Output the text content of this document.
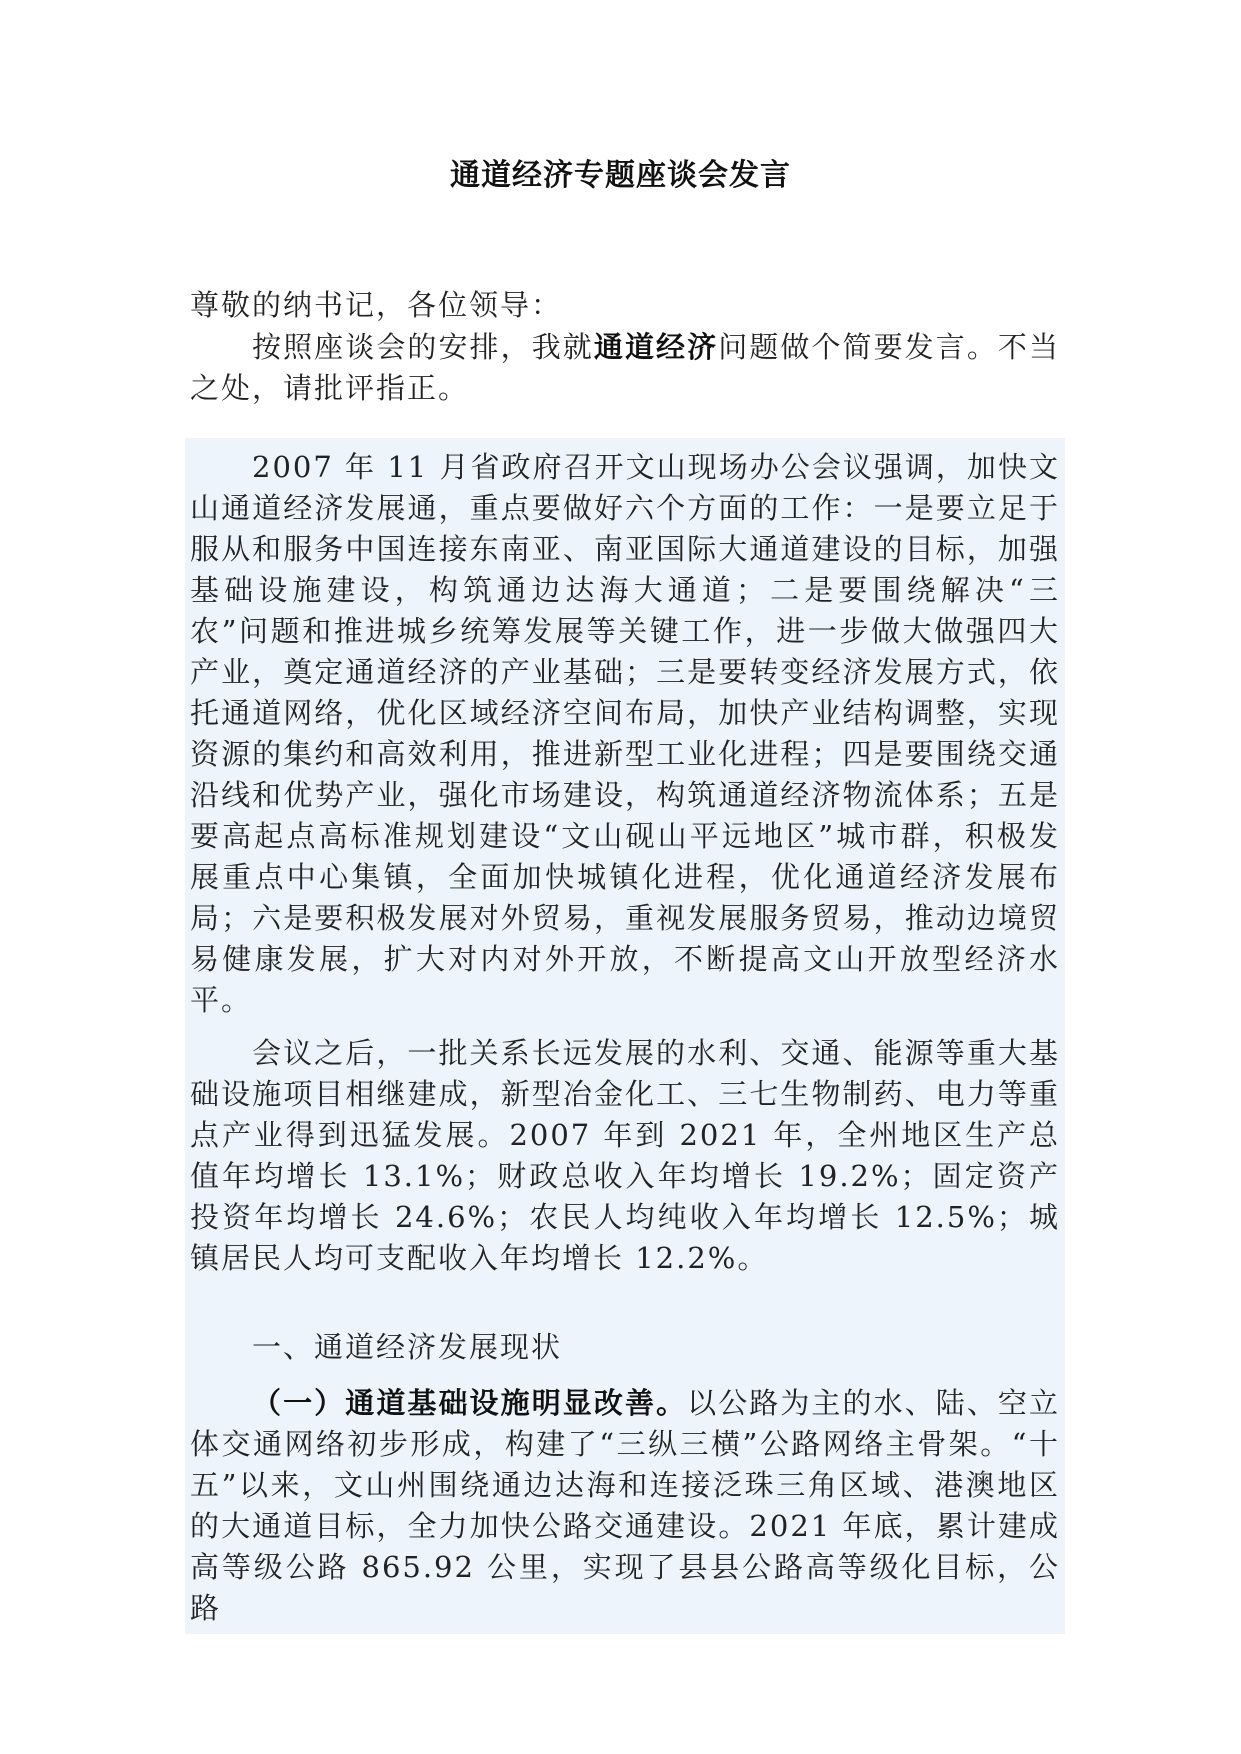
通道经济专题座谈会发言
尊敬的纳书记，各位领导：
按照座谈会的安排，我就通道经济问题做个简要发言。不当之处，请批评指正。
2007 年 11 月省政府召开文山现场办公会议强调，加快文山通道经济发展通，重点要做好六个方面的工作：一是要立足于服从和服务中国连接东南亚、南亚国际大通道建设的目标，加强基础设施建设，构筑通边达海大通道；二是要围绕解决“三农”问题和推进城乡统筹发展等关键工作，进一步做大做强四大产业，奠定通道经济的产业基础；三是要转变经济发展方式，依托通道网络，优化区域经济空间布局，加快产业结构调整，实现资源的集约和高效利用，推进新型工业化进程；四是要围绕交通沿线和优势产业，强化市场建设，构筑通道经济物流体系；五是要高起点高标准规划建设“文山砚山平远地区”城市群，积极发展重点中心集镇，全面加快城镇化进程，优化通道经济发展布局；六是要积极发展对外贸易，重视发展服务贸易，推动边境贸易健康发展，扩大对内对外开放，不断提高文山开放型经济水平。
会议之后，一批关系长远发展的水利、交通、能源等重大基础设施项目相继建成，新型冶金化工、三七生物制药、电力等重点产业得到迅猛发展。2007 年到 2021 年，全州地区生产总值年均增长 13.1%；财政总收入年均增长 19.2%；固定资产投资年均增长 24.6%；农民人均纯收入年均增长 12.5%；城镇居民人均可支配收入年均增长 12.2%。
一、通道经济发展现状
（一）通道基础设施明显改善。以公路为主的水、陆、空立体交通网络初步形成，构建了“三纵三横”公路网络主骨架。“十五”以来，文山州围绕通边达海和连接泛珠三角区域、港澳地区的大通道目标，全力加快公路交通建设。2021 年底，累计建成高等级公路 865.92 公里，实现了县县公路高等级化目标，公路
